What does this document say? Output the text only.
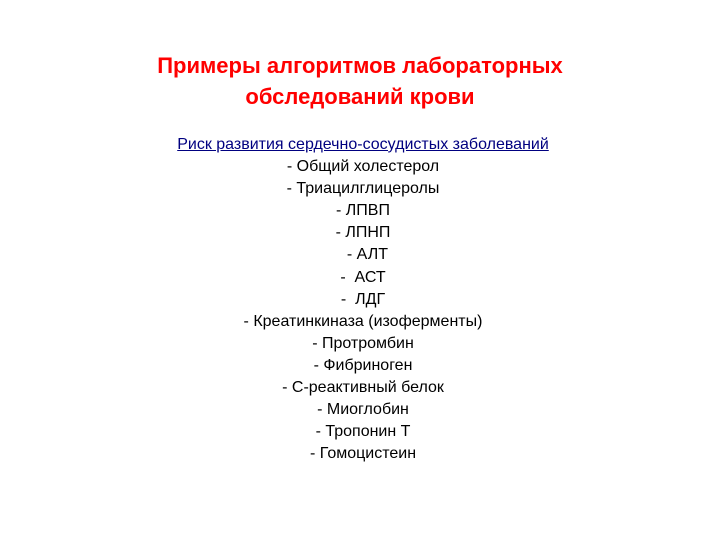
Примеры алгоритмов лабораторных
обследований крови
Риск развития сердечно-сосудистых заболеваний
- Общий холестерол
- Триацилглицеролы
- ЛПВП
- ЛПНП
- АЛТ
-  АСТ
-  ЛДГ
- Креатинкиназа (изоферменты)
- Протромбин
- Фибриноген
- С-реактивный белок
- Миоглобин
- Тропонин Т
- Гомоцистеин
